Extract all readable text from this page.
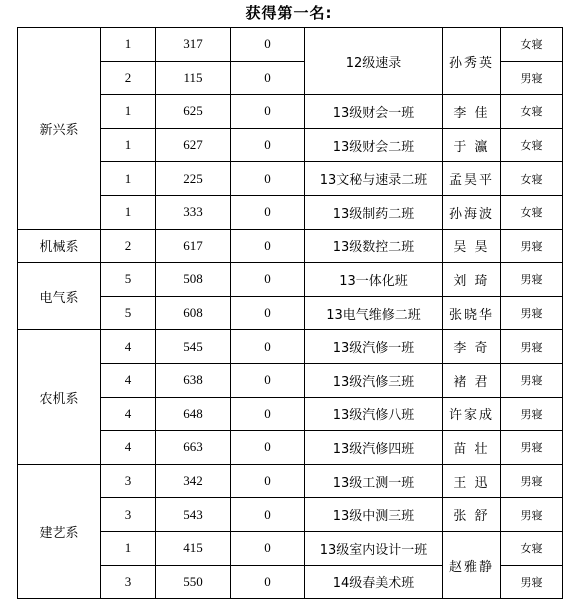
获得第一名:
新兴系	1	317	0	12级速录	孙秀英	女寝
	2	115	0			男寝
	1	625	0	13级财会一班	李 佳	女寝
	1	627	0	13级财会二班	于 瀛	女寝
	1	225	0	13文秘与速录二班	孟昊平	女寝
	1	333	0	13级制药二班	孙海波	女寝
机械系	2	617	0	13级数控二班	吴 昊	男寝
电气系	5	508	0	13一体化班	刘 琦	男寝
	5	608	0	13电气维修二班	张晓华	男寝
农机系	4	545	0	13级汽修一班	李 奇	男寝
	4	638	0	13级汽修三班	褚 君	男寝
	4	648	0	13级汽修八班	许家成	男寝
	4	663	0	13级汽修四班	苗 壮	男寝
建艺系	3	342	0	13级工测一班	王 迅	男寝
	3	543	0	13级中测三班	张 舒	男寝
	1	415	0	13级室内设计一班	赵雅静	女寝
	3	550	0	14级春美术班		男寝
